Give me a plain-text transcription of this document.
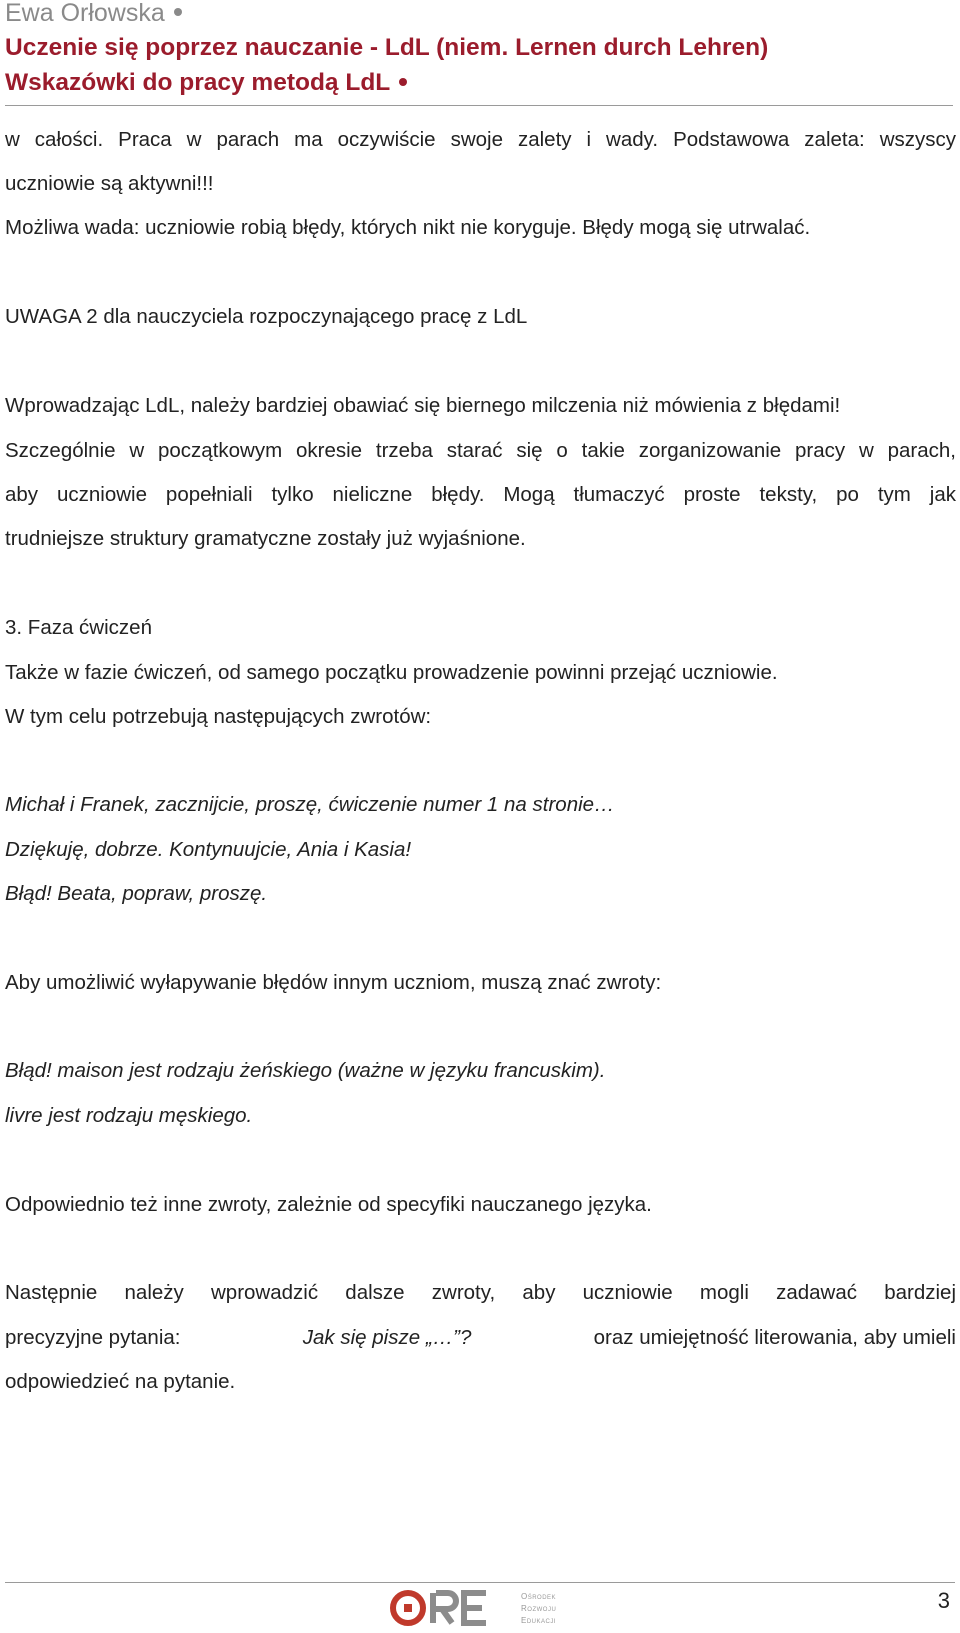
Ewa Orłowska
Uczenie się poprzez nauczanie - LdL (niem. Lernen durch Lehren)
Wskazówki do pracy metodą LdL
w całości. Praca w parach ma oczywiście swoje zalety i wady. Podstawowa zaleta: wszyscy
uczniowie są aktywni!!!
Możliwa wada: uczniowie robią błędy, których nikt nie koryguje. Błędy mogą się utrwalać.
UWAGA 2 dla nauczyciela rozpoczynającego pracę z LdL
Wprowadzając LdL, należy bardziej obawiać się biernego milczenia niż mówienia z błędami!
Szczególnie w początkowym okresie trzeba starać się o takie zorganizowanie pracy w parach,
aby uczniowie popełniali tylko nieliczne błędy. Mogą tłumaczyć proste teksty, po tym jak
trudniejsze struktury gramatyczne zostały już wyjaśnione.
3. Faza ćwiczeń
Także w fazie ćwiczeń, od samego początku prowadzenie powinni przejąć uczniowie.
W tym celu potrzebują następujących zwrotów:
Michał i Franek, zacznijcie, proszę, ćwiczenie numer 1 na stronie…
Dziękuję, dobrze. Kontynuujcie, Ania i Kasia!
Błąd! Beata, popraw, proszę.
Aby umożliwić wyłapywanie błędów innym uczniom, muszą znać zwroty:
Błąd! maison jest rodzaju żeńskiego (ważne w języku francuskim).
livre jest rodzaju męskiego.
Odpowiednio też inne zwroty, zależnie od specyfiki nauczanego języka.
Następnie należy wprowadzić dalsze zwroty, aby uczniowie mogli zadawać bardziej
precyzyjne pytania:	Jak się pisze „…”?	oraz umiejętność literowania, aby umieli
odpowiedzieć na pytanie.
Ośrodek
Rozwoju
Edukacji
3
